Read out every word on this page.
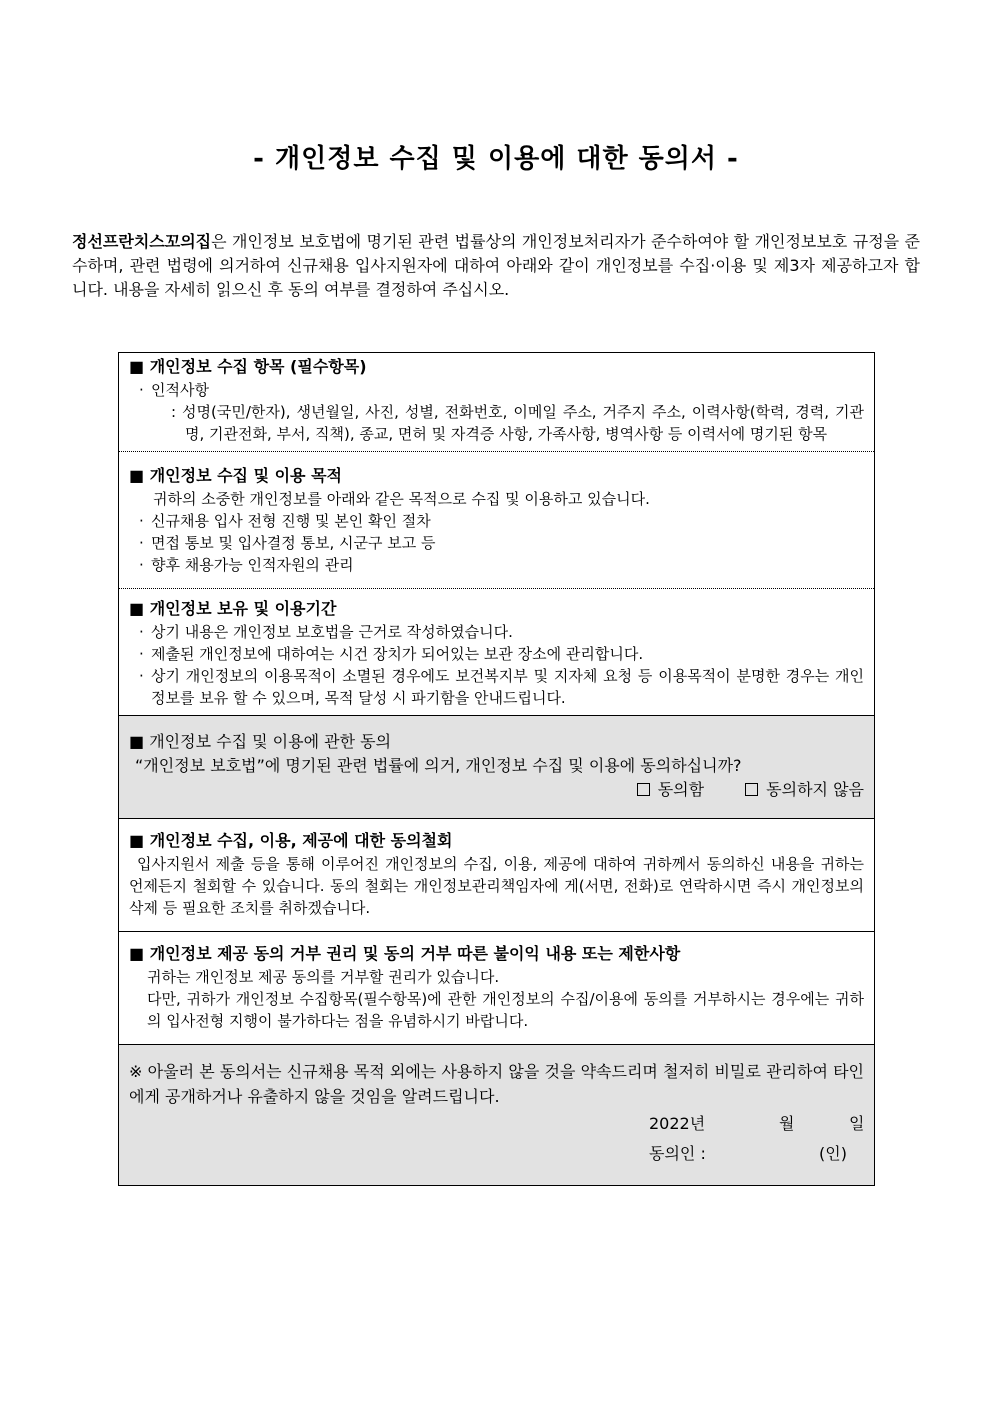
- 개인정보 수집 및 이용에 대한 동의서 -
정선프란치스꼬의집은 개인정보 보호법에 명기된 관련 법률상의 개인정보처리자가 준수하여야 할 개인정보보호 규정을 준수하며, 관련 법령에 의거하여 신규채용 입사지원자에 대하여 아래와 같이 개인정보를 수집·이용 및 제3자 제공하고자 합니다. 내용을 자세히 읽으신 후 동의 여부를 결정하여 주십시오.
■ 개인정보 수집 항목 (필수항목)
· 인적사항
: 성명(국민/한자), 생년월일, 사진, 성별, 전화번호, 이메일 주소, 거주지 주소, 이력사항(학력, 경력, 기관명, 기관전화, 부서, 직책), 종교, 면허 및 자격증 사항, 가족사항, 병역사항 등 이력서에 명기된 항목
■ 개인정보 수집 및 이용 목적
귀하의 소중한 개인정보를 아래와 같은 목적으로 수집 및 이용하고 있습니다.
· 신규채용 입사 전형 진행 및 본인 확인 절차
· 면접 통보 및 입사결정 통보, 시군구 보고 등
· 향후 채용가능 인적자원의 관리
■ 개인정보 보유 및 이용기간
· 상기 내용은 개인정보 보호법을 근거로 작성하였습니다.
· 제출된 개인정보에 대하여는 시건 장치가 되어있는 보관 장소에 관리합니다.
· 상기 개인정보의 이용목적이 소멸된 경우에도 보건복지부 및 지자체 요청 등 이용목적이 분명한 경우는 개인정보를 보유 할 수 있으며, 목적 달성 시 파기함을 안내드립니다.
■ 개인정보 수집 및 이용에 관한 동의
“개인정보 보호법”에 명기된 관련 법률에 의거, 개인정보 수집 및 이용에 동의하십니까?
동의함	동의하지 않음
■ 개인정보 수집, 이용, 제공에 대한 동의철회
입사지원서 제출 등을 통해 이루어진 개인정보의 수집, 이용, 제공에 대하여 귀하께서 동의하신 내용을 귀하는 언제든지 철회할 수 있습니다. 동의 철회는 개인정보관리책임자에 게(서면, 전화)로 연락하시면 즉시 개인정보의 삭제 등 필요한 조치를 취하겠습니다.
■ 개인정보 제공 동의 거부 권리 및 동의 거부 따른 불이익 내용 또는 제한사항
귀하는 개인정보 제공 동의를 거부할 권리가 있습니다.
다만, 귀하가 개인정보 수집항목(필수항목)에 관한 개인정보의 수집/이용에 동의를 거부하시는 경우에는 귀하의 입사전형 지행이 불가하다는 점을 유념하시기 바랍니다.
※ 아울러 본 동의서는 신규채용 목적 외에는 사용하지 않을 것을 약속드리며 철저히 비밀로 관리하여 타인에게 공개하거나 유출하지 않을 것임을 알려드립니다.
2022년	월	일
동의인 :	(인)
